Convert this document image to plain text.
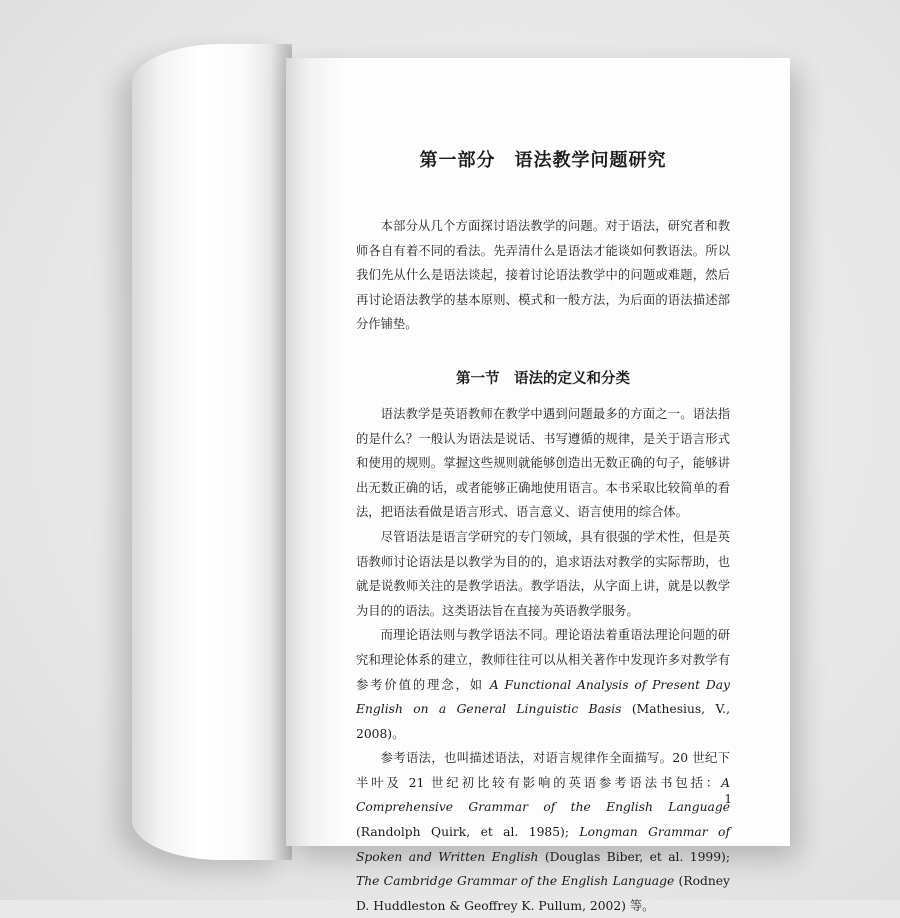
第一部分　语法教学问题研究

本部分从几个方面探讨语法教学的问题。对于语法，研究者和教师各自有着不同的看法。先弄清什么是语法才能谈如何教语法。所以我们先从什么是语法谈起，接着讨论语法教学中的问题或难题，然后再讨论语法教学的基本原则、模式和一般方法，为后面的语法描述部分作铺垫。

第一节　语法的定义和分类

语法教学是英语教师在教学中遇到问题最多的方面之一。语法指的是什么？一般认为语法是说话、书写遵循的规律，是关于语言形式和使用的规则。掌握这些规则就能够创造出无数正确的句子，能够讲出无数正确的话，或者能够正确地使用语言。本书采取比较简单的看法，把语法看做是语言形式、语言意义、语言使用的综合体。

尽管语法是语言学研究的专门领域，具有很强的学术性，但是英语教师讨论语法是以教学为目的的，追求语法对教学的实际帮助，也就是说教师关注的是教学语法。教学语法，从字面上讲，就是以教学为目的的语法。这类语法旨在直接为英语教学服务。

而理论语法则与教学语法不同。理论语法着重语法理论问题的研究和理论体系的建立，教师往往可以从相关著作中发现许多对教学有参考价值的理念，如 A Functional Analysis of Present Day English on a General Linguistic Basis (Mathesius, V., 2008)。

参考语法，也叫描述语法，对语言规律作全面描写。20 世纪下半叶及 21 世纪初比较有影响的英语参考语法书包括：A Comprehensive Grammar of the English Language (Randolph Quirk, et al. 1985); Longman Grammar of Spoken and Written English (Douglas Biber, et al. 1999); The Cambridge Grammar of the English Language (Rodney D. Huddleston & Geoffrey K. Pullum, 2002) 等。

1
